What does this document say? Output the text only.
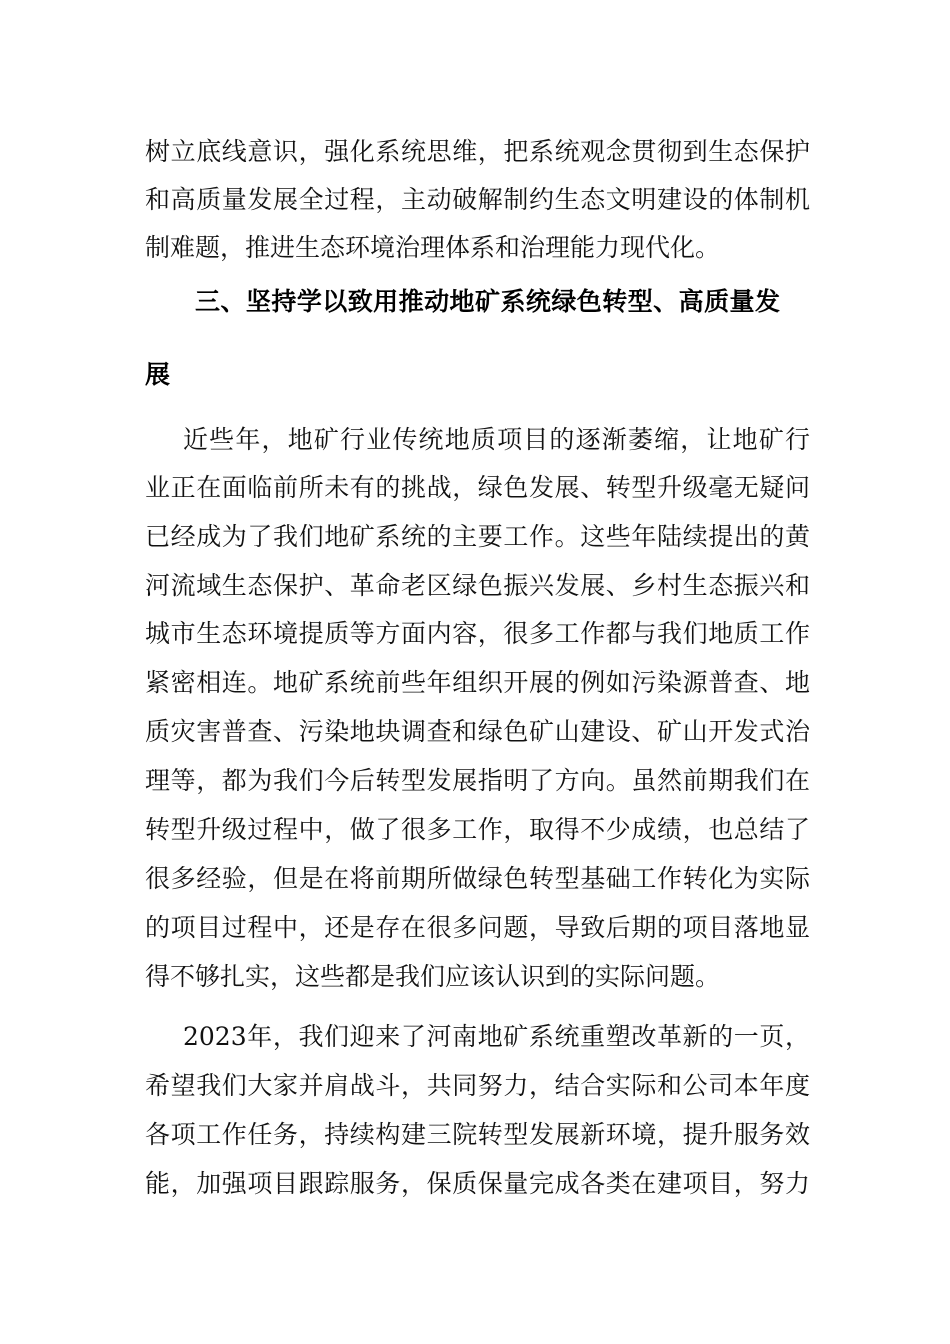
树立底线意识，强化系统思维，把系统观念贯彻到生态保护
和高质量发展全过程，主动破解制约生态文明建设的体制机
制难题，推进生态环境治理体系和治理能力现代化。
三、坚持学以致用推动地矿系统绿色转型、高质量发
展
近些年，地矿行业传统地质项目的逐渐萎缩，让地矿行
业正在面临前所未有的挑战，绿色发展、转型升级毫无疑问
已经成为了我们地矿系统的主要工作。这些年陆续提出的黄
河流域生态保护、革命老区绿色振兴发展、乡村生态振兴和
城市生态环境提质等方面内容，很多工作都与我们地质工作
紧密相连。地矿系统前些年组织开展的例如污染源普查、地
质灾害普查、污染地块调查和绿色矿山建设、矿山开发式治
理等，都为我们今后转型发展指明了方向。虽然前期我们在
转型升级过程中，做了很多工作，取得不少成绩，也总结了
很多经验，但是在将前期所做绿色转型基础工作转化为实际
的项目过程中，还是存在很多问题，导致后期的项目落地显
得不够扎实，这些都是我们应该认识到的实际问题。
2023年，我们迎来了河南地矿系统重塑改革新的一页，
希望我们大家并肩战斗，共同努力，结合实际和公司本年度
各项工作任务，持续构建三院转型发展新环境，提升服务效
能，加强项目跟踪服务，保质保量完成各类在建项目，努力
